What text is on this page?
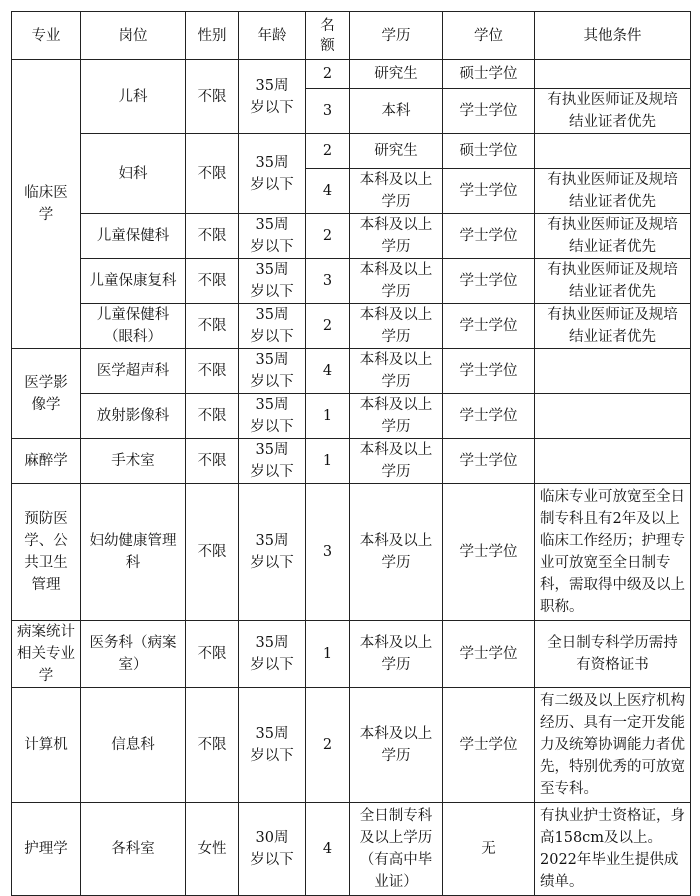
专业	岗位	性别	年龄	名额	学历	学位	其他条件
临床医学	儿科	不限	35周岁以下	2	研究生	硕士学位	
				3	本科	学士学位	有执业医师证及规培结业证者优先
	妇科	不限	35周岁以下	2	研究生	硕士学位	
				4	本科及以上学历	学士学位	有执业医师证及规培结业证者优先
	儿童保健科	不限	35周岁以下	2	本科及以上学历	学士学位	有执业医师证及规培结业证者优先
	儿童保康复科	不限	35周岁以下	3	本科及以上学历	学士学位	有执业医师证及规培结业证者优先
	儿童保健科（眼科）	不限	35周岁以下	2	本科及以上学历	学士学位	有执业医师证及规培结业证者优先
医学影像学	医学超声科	不限	35周岁以下	4	本科及以上学历	学士学位	
	放射影像科	不限	35周岁以下	1	本科及以上学历	学士学位	
麻醉学	手术室	不限	35周岁以下	1	本科及以上学历	学士学位	
预防医学、公共卫生管理	妇幼健康管理科	不限	35周岁以下	3	本科及以上学历	学士学位	临床专业可放宽至全日制专科且有2年及以上临床工作经历；护理专业可放宽至全日制专科，需取得中级及以上职称。
病案统计相关专业学	医务科（病案室）	不限	35周岁以下	1	本科及以上学历	学士学位	全日制专科学历需持有资格证书
计算机	信息科	不限	35周岁以下	2	本科及以上学历	学士学位	有二级及以上医疗机构经历、具有一定开发能力及统筹协调能力者优先，特别优秀的可放宽至专科。
护理学	各科室	女性	30周岁以下	4	全日制专科及以上学历（有高中毕业证）	无	有执业护士资格证，身高158cm及以上。2022年毕业生提供成绩单。
